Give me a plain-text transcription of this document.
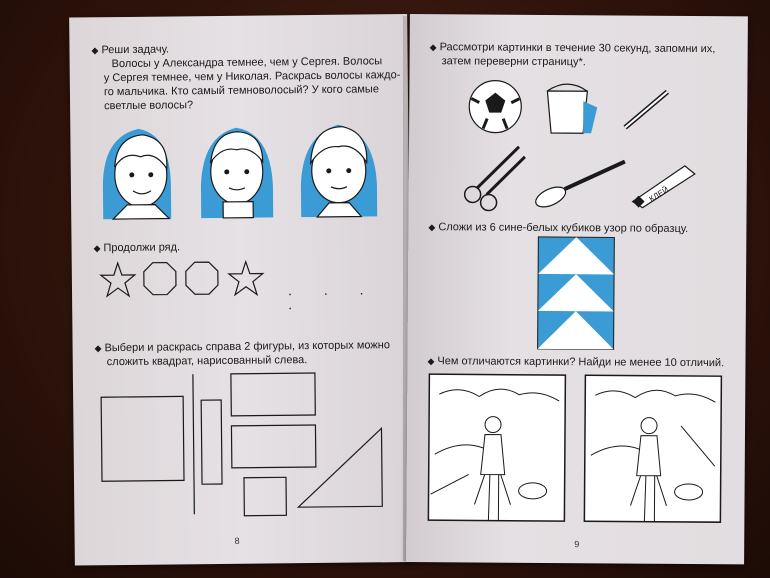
◆ Реши задачу.
Волосы у Александра темнее, чем у Сергея. Волосы
у Сергея темнее, чем у Николая. Раскрась волосы каждо-
го мальчика. Кто самый темноволосый? У кого самые
светлые волосы?
◆ Продолжи ряд.
. . . .
◆ Выбери и раскрась справа 2 фигуры, из которых можно
сложить квадрат, нарисованный слева.
8
◆ Рассмотри картинки в течение 30 секунд, запомни их,
затем переверни страницу*.
КЛЕЙ
◆ Сложи из 6 сине-белых кубиков узор по образцу.
◆ Чем отличаются картинки? Найди не менее 10 отличий.
9
